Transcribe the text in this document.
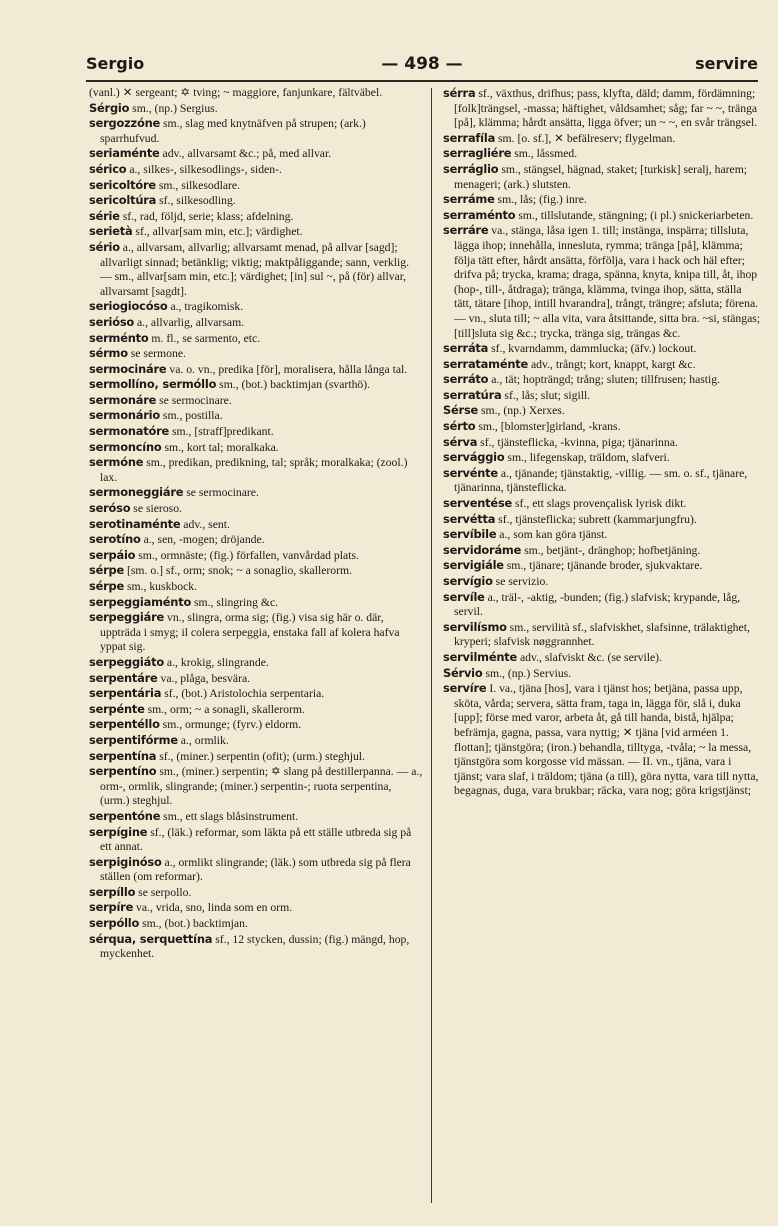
Sergio	— 498 —	servire

(vanl.) ✕ sergeant; ✡ tving; ~ maggiore, fanjunkare, fältväbel.

Sérgio sm., (np.) Sergius.

sergozzóne sm., slag med knytnäfven på strupen; (ark.) sparrhufvud.

seriaménte adv., allvarsamt &c.; på, med allvar.

sérico a., silkes-, silkesodlings-, siden-.

sericoltóre sm., silkesodlare.

sericoltúra sf., silkesodling.

série sf., rad, följd, serie; klass; afdelning.

serietà sf., allvar[sam min, etc.]; värdighet.

sério a., allvarsam, allvarlig; allvarsamt menad, på allvar [sagd]; allvarligt sinnad; betänklig; viktig; maktpåliggande; sann, verklig. — sm., allvar[sam min, etc.]; värdighet; [in] sul ~, på (för) allvar, allvarsamt [sagdt].

seriogiocóso a., tragikomisk.

serióso a., allvarlig, allvarsam.

serménto m. fl., se sarmento, etc.

sérmo se sermone.

sermocináre va. o. vn., predika [för], moralisera, hålla långa tal.

sermollíno, sermóllo sm., (bot.) backtimjan (svarthö).

sermonáre se sermocinare.

sermonário sm., postilla.

sermonatóre sm., [straff]predikant.

sermoncíno sm., kort tal; moralkaka.

sermóne sm., predikan, predikning, tal; språk; moralkaka; (zool.) lax.

sermoneggiáre se sermocinare.

seróso se sieroso.

serotinaménte adv., sent.

serotíno a., sen, -mogen; dröjande.

serpáio sm., ormnäste; (fig.) förfallen, vanvårdad plats.

sérpe [sm. o.] sf., orm; snok; ~ a sonaglio, skallerorm.

sérpe sm., kuskbock.

serpeggiaménto sm., slingring &c.

serpeggiáre vn., slingra, orma sig; (fig.) visa sig här o. där, uppträda i smyg; il colera serpeggia, enstaka fall af kolera hafva yppat sig.

serpeggiáto a., krokig, slingrande.

serpentáre va., plåga, besvära.

serpentária sf., (bot.) Aristolochia serpentaria.

serpénte sm., orm; ~ a sonagli, skallerorm.

serpentéllo sm., ormunge; (fyrv.) eldorm.

serpentifórme a., ormlik.

serpentína sf., (miner.) serpentin (ofit); (urm.) steghjul.

serpentíno sm., (miner.) serpentin; ✡ slang på destillerpanna. — a., orm-, ormlik, slingrande; (miner.) serpentin-; ruota serpentina, (urm.) steghjul.

serpentóne sm., ett slags blåsinstrument.

serpígine sf., (läk.) reformar, som läkta på ett ställe utbreda sig på ett annat.

serpiginóso a., ormlikt slingrande; (läk.) som utbreda sig på flera ställen (om reformar).

serpíllo se serpollo.

serpíre va., vrida, sno, linda som en orm.

serpóllo sm., (bot.) backtimjan.

sérqua, serquettína sf., 12 stycken, dussin; (fig.) mängd, hop, myckenhet.

sérra sf., växthus, drifhus; pass, klyfta, däld; damm, fördämning; [folk]trängsel, -massa; häftighet, våldsamhet; såg; far ~ ~, tränga [på], klämma; hårdt ansätta, ligga öfver; un ~ ~, en svår trängsel.

serrafíla sm. [o. sf.], ✕ befälreserv; flygelman.

serragliére sm., låssmed.

serráglio sm., stängsel, hägnad, staket; [turkisk] seralj, harem; menageri; (ark.) slutsten.

serráme sm., lås; (fig.) inre.

serraménto sm., tillslutande, stängning; (i pl.) snickeriarbeten.

serráre va., stänga, låsa igen 1. till; instänga, inspärra; tillsluta, lägga ihop; innehålla, innesluta, rymma; tränga [på], klämma; följa tätt efter, hårdt ansätta, förfölja, vara i hack och häl efter; drifva på; trycka, krama; draga, spänna, knyta, knipa till, åt, ihop (hop-, till-, åtdraga); tränga, klämma, tvinga ihop, sätta, ställa tätt, tätare [ihop, intill hvarandra], trångt, trängre; afsluta; förena. — vn., sluta till; ~ alla vita, vara åtsittande, sitta bra. ~si, stängas; [till]sluta sig &c.; trycka, tränga sig, trängas &c.

serráta sf., kvarndamm, dammlucka; (äfv.) lockout.

serrataménte adv., trångt; kort, knappt, kargt &c.

serráto a., tät; hopträngd; trång; sluten; tillfrusen; hastig.

serratúra sf., lås; slut; sigill.

Sérse sm., (np.) Xerxes.

sérto sm., [blomster]girland, -krans.

sérva sf., tjänsteflicka, -kvinna, piga; tjänarinna.

servággio sm., lifegenskap, träldom, slafveri.

servénte a., tjänande; tjänstaktig, -villig. — sm. o. sf., tjänare, tjänarinna, tjänsteflicka.

serventése sf., ett slags provençalisk lyrisk dikt.

servétta sf., tjänsteflicka; subrett (kammarjungfru).

servíbile a., som kan göra tjänst.

servidoráme sm., betjänt-, dränghop; hofbetjäning.

servigiále sm., tjänare; tjänande broder, sjukvaktare.

servígio se servizio.

servíle a., träl-, -aktig, -bunden; (fig.) slafvisk; krypande, låg, servil.

servilísmo sm., servilità sf., slafviskhet, slafsinne, trälaktighet, kryperi; slafvisk nøggrannhet.

servilménte adv., slafviskt &c. (se servile).

Sérvio sm., (np.) Servius.

servíre I. va., tjäna [hos], vara i tjänst hos; betjäna, passa upp, sköta, vårda; servera, sätta fram, taga in, lägga för, slå i, duka [upp]; förse med varor, arbeta åt, gå till handa, bistå, hjälpa; befrämja, gagna, passa, vara nyttig; ✕ tjäna [vid arméen 1. flottan]; tjänstgöra; (iron.) behandla, tilltyga, -tvåla; ~ la messa, tjänstgöra som korgosse vid mässan. — II. vn., tjäna, vara i tjänst; vara slaf, i träldom; tjäna (a till), göra nytta, vara till nytta, begagnas, duga, vara brukbar; räcka, vara nog; göra krigstjänst;
